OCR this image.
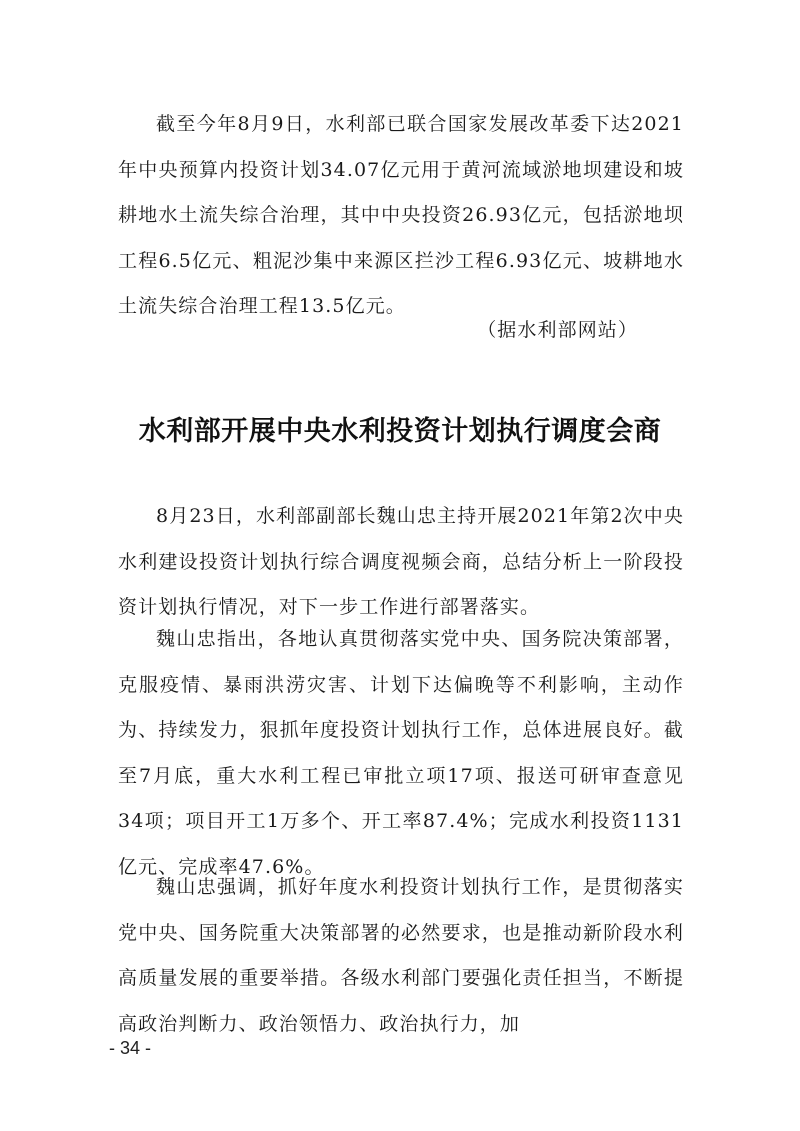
截至今年8月9日，水利部已联合国家发展改革委下达2021年中央预算内投资计划34.07亿元用于黄河流域淤地坝建设和坡耕地水土流失综合治理，其中中央投资26.93亿元，包括淤地坝工程6.5亿元、粗泥沙集中来源区拦沙工程6.93亿元、坡耕地水土流失综合治理工程13.5亿元。

（据水利部网站）

水利部开展中央水利投资计划执行调度会商

8月23日，水利部副部长魏山忠主持开展2021年第2次中央水利建设投资计划执行综合调度视频会商，总结分析上一阶段投资计划执行情况，对下一步工作进行部署落实。

魏山忠指出，各地认真贯彻落实党中央、国务院决策部署，克服疫情、暴雨洪涝灾害、计划下达偏晚等不利影响，主动作为、持续发力，狠抓年度投资计划执行工作，总体进展良好。截至7月底，重大水利工程已审批立项17项、报送可研审查意见34项；项目开工1万多个、开工率87.4%；完成水利投资1131亿元、完成率47.6%。

魏山忠强调，抓好年度水利投资计划执行工作，是贯彻落实党中央、国务院重大决策部署的必然要求，也是推动新阶段水利高质量发展的重要举措。各级水利部门要强化责任担当，不断提高政治判断力、政治领悟力、政治执行力，加

- 34 -
